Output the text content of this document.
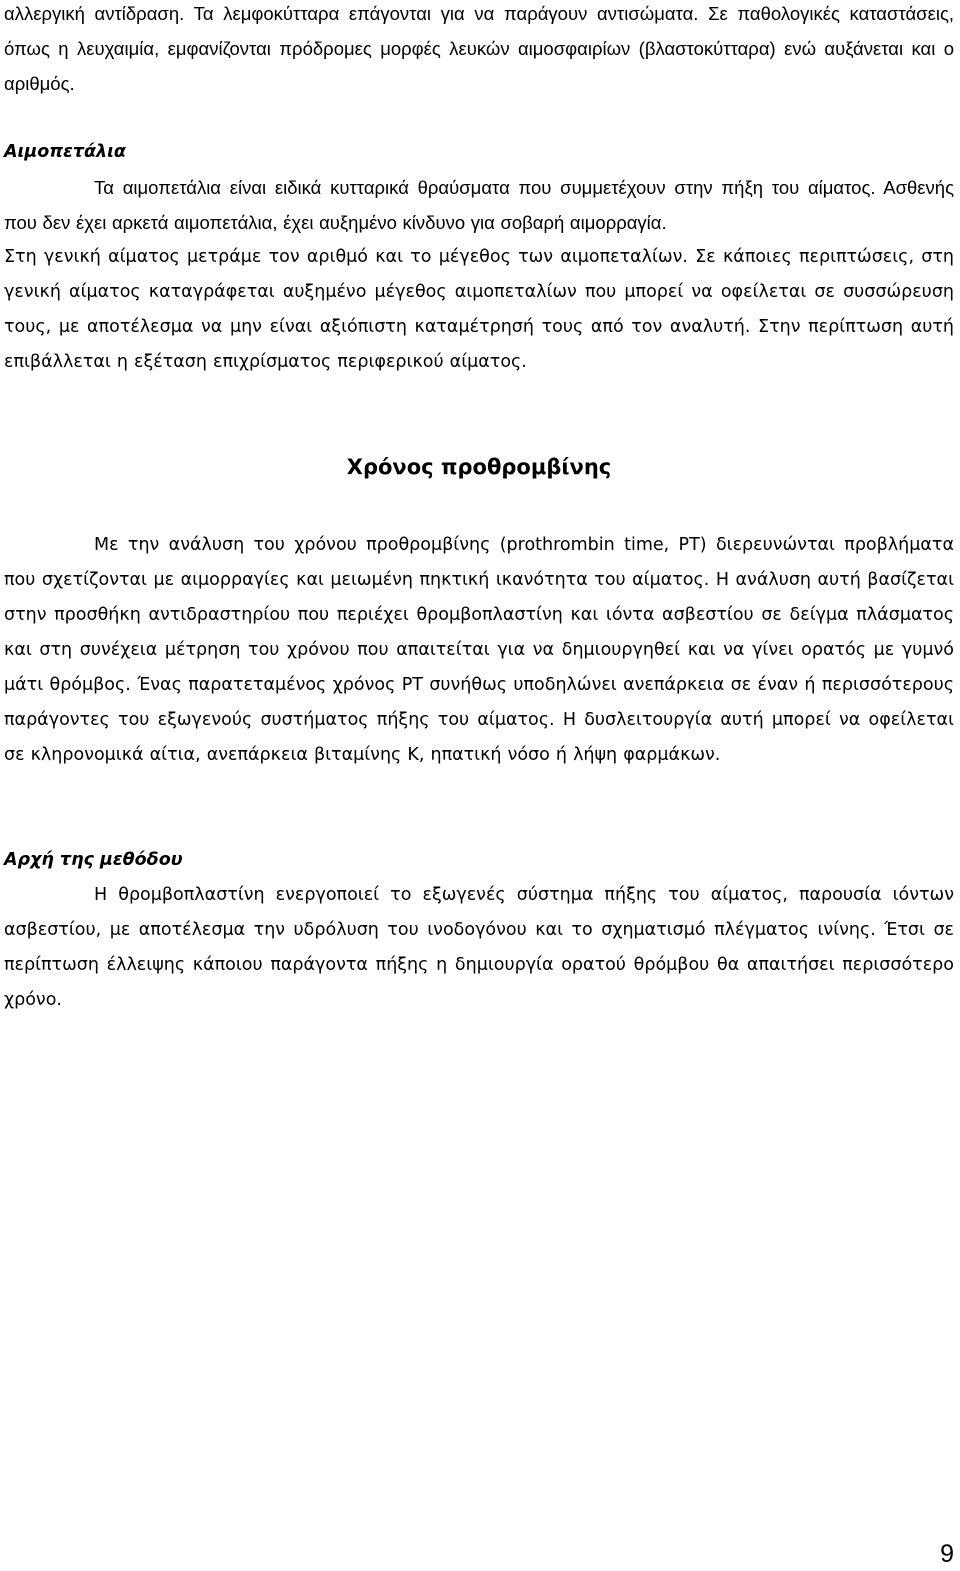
αλλεργική αντίδραση. Τα λεμφοκύτταρα επάγονται για να παράγουν αντισώματα. Σε παθολογικές καταστάσεις, όπως η λευχαιμία, εμφανίζονται πρόδρομες μορφές λευκών αιμοσφαιρίων (βλαστοκύτταρα) ενώ αυξάνεται και ο αριθμός.

Αιμοπετάλια

Τα αιμοπετάλια είναι ειδικά κυτταρικά θραύσματα που συμμετέχουν στην πήξη του αίματος. Ασθενής που δεν έχει αρκετά αιμοπετάλια, έχει αυξημένο κίνδυνο για σοβαρή αιμορραγία.

Στη γενική αίματος μετράμε τον αριθμό και το μέγεθος των αιμοπεταλίων. Σε κάποιες περιπτώσεις, στη γενική αίματος καταγράφεται αυξημένο μέγεθος αιμοπεταλίων που μπορεί να οφείλεται σε συσσώρευση τους, με αποτέλεσμα να μην είναι αξιόπιστη καταμέτρησή τους από τον αναλυτή. Στην περίπτωση αυτή επιβάλλεται η εξέταση επιχρίσματος περιφερικού αίματος.

Χρόνος προθρομβίνης

Με την ανάλυση του χρόνου προθρομβίνης (prothrombin time, PT) διερευνώνται προβλήματα που σχετίζονται με αιμορραγίες και μειωμένη πηκτική ικανότητα του αίματος. Η ανάλυση αυτή βασίζεται στην προσθήκη αντιδραστηρίου που περιέχει θρομβοπλαστίνη και ιόντα ασβεστίου σε δείγμα πλάσματος και στη συνέχεια μέτρηση του χρόνου που απαιτείται για να δημιουργηθεί και να γίνει ορατός με γυμνό μάτι θρόμβος. Ένας παρατεταμένος χρόνος PT συνήθως υποδηλώνει ανεπάρκεια σε έναν ή περισσότερους παράγοντες του εξωγενούς συστήματος πήξης του αίματος. Η δυσλειτουργία αυτή μπορεί να οφείλεται σε κληρονομικά αίτια, ανεπάρκεια βιταμίνης Κ, ηπατική νόσο ή λήψη φαρμάκων.

Αρχή της μεθόδου

Η θρομβοπλαστίνη ενεργοποιεί το εξωγενές σύστημα πήξης του αίματος, παρουσία ιόντων ασβεστίου, με αποτέλεσμα την υδρόλυση του ινοδογόνου και το σχηματισμό πλέγματος ινίνης. Έτσι σε περίπτωση έλλειψης κάποιου παράγοντα πήξης η δημιουργία ορατού θρόμβου θα απαιτήσει περισσότερο χρόνο.

9
